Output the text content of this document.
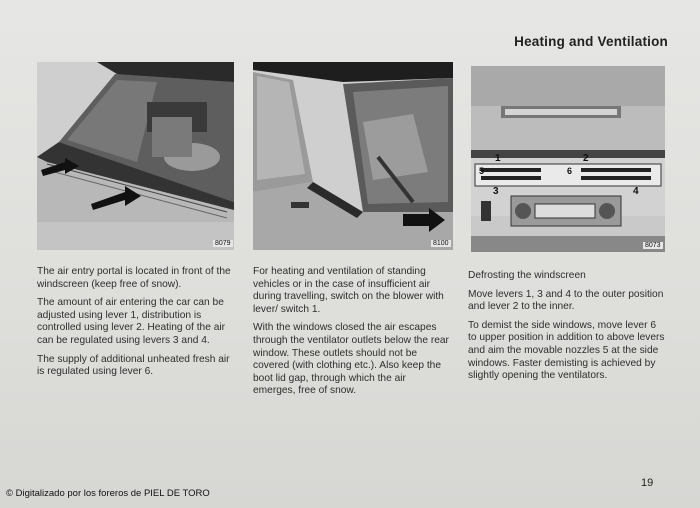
Heating and Ventilation
8079	8100
1	2
3	4
5	6
8073

The air entry portal is located in front of the windscreen (keep free of snow).

The amount of air entering the car can be adjusted using lever 1, distribution is controlled using lever 2. Heating of the air can be regulated using levers 3 and 4.

The supply of additional unheated fresh air is regulated using lever 6.

For heating and ventilation of standing vehicles or in the case of insufficient air during travelling, switch on the blower with lever/ switch 1.

With the windows closed the air escapes through the ventilator outlets below the rear window. These outlets should not be covered (with clothing etc.). Also keep the boot lid gap, through which the air emerges, free of snow.

Defrosting the windscreen

Move levers 1, 3 and 4 to the outer position and lever 2 to the inner.

To demist the side windows, move lever 6 to upper position in addition to above levers and aim the movable nozzles 5 at the side windows. Faster demisting is achieved by slightly opening the ventilators.

19
© Digitalizado por los foreros de PIEL DE TORO
